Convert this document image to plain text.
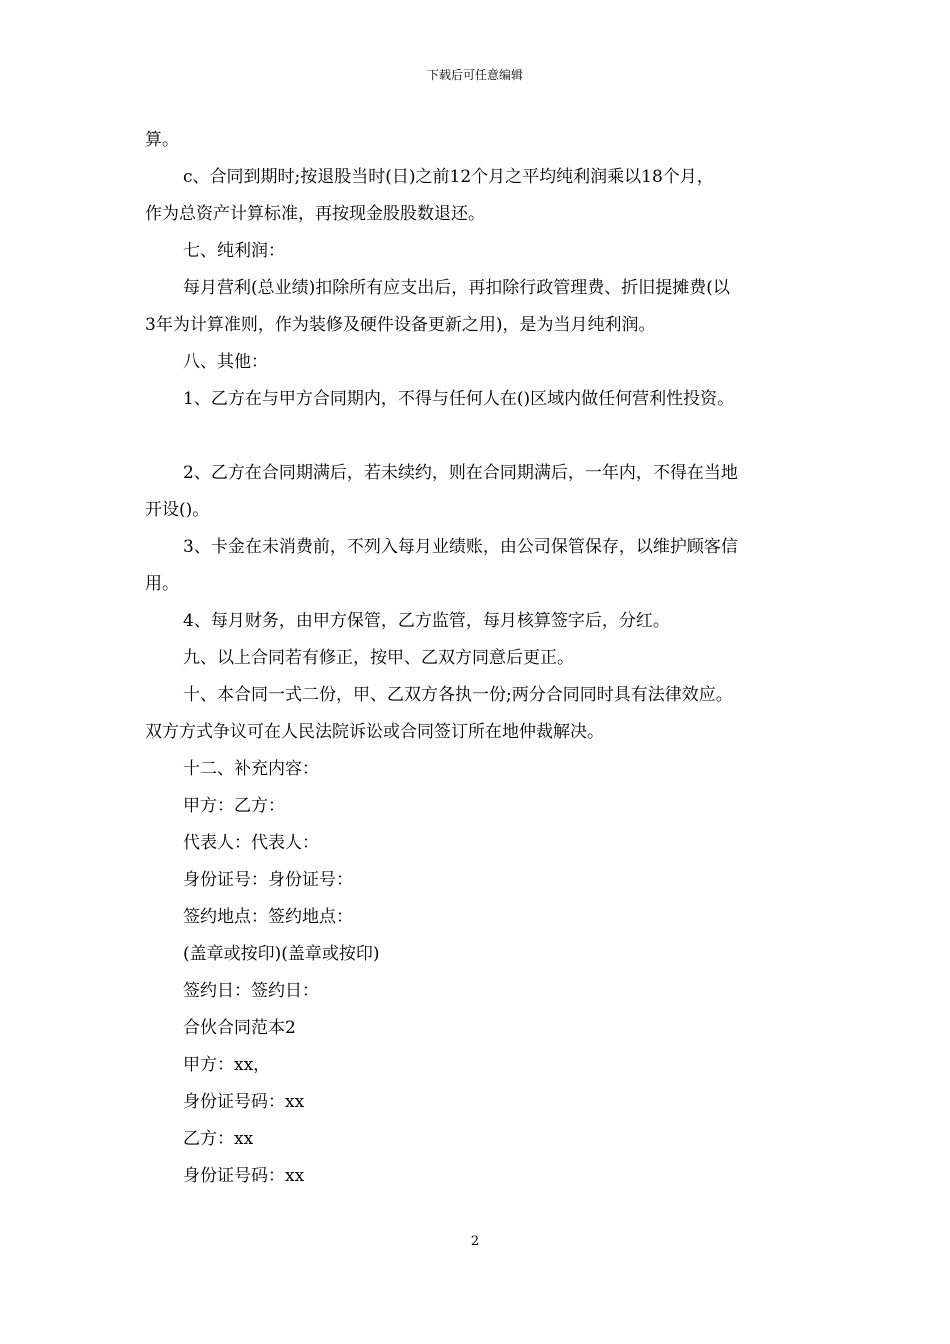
下载后可任意编辑

算。

c、合同到期时;按退股当时(日)之前12个月之平均纯利润乘以18个月，

作为总资产计算标准，再按现金股股数退还。

七、纯利润：

每月营利(总业绩)扣除所有应支出后，再扣除行政管理费、折旧提摊费(以

3年为计算准则，作为装修及硬件设备更新之用)，是为当月纯利润。

八、其他：

1、乙方在与甲方合同期内，不得与任何人在()区域内做任何营利性投资。

2、乙方在合同期满后，若未续约，则在合同期满后，一年内，不得在当地

开设()。

3、卡金在未消费前，不列入每月业绩账，由公司保管保存，以维护顾客信

用。

4、每月财务，由甲方保管，乙方监管，每月核算签字后，分红。

九、以上合同若有修正，按甲、乙双方同意后更正。

十、本合同一式二份，甲、乙双方各执一份;两分合同同时具有法律效应。

双方方式争议可在人民法院诉讼或合同签订所在地仲裁解决。

十二、补充内容：

甲方：乙方：

代表人：代表人：

身份证号：身份证号：

签约地点：签约地点：

(盖章或按印)(盖章或按印)

签约日：签约日：

合伙合同范本2

甲方：xx，

身份证号码：xx

乙方：xx

身份证号码：xx

2
